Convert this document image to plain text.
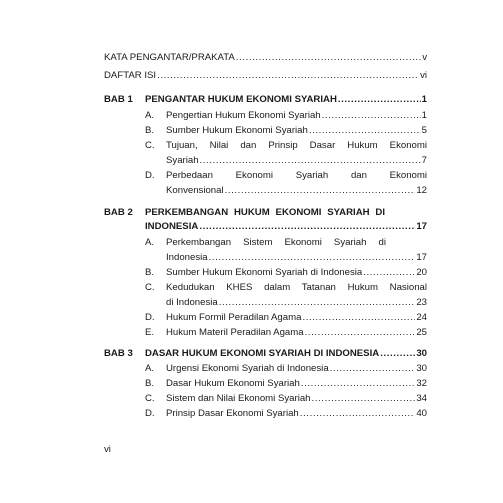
KATA PENGANTAR/PRAKATA .....	v
DAFTAR ISI .....	vi
BAB 1 PENGANTAR HUKUM EKONOMI SYARIAH .....	1
A.	Pengertian Hukum Ekonomi Syariah .....	1
B.	Sumber Hukum Ekonomi Syariah .....	5
C.	Tujuan, Nilai dan Prinsip Dasar Hukum Ekonomi
Syariah .....	7
D.	Perbedaan Ekonomi Syariah dan Ekonomi
Konvensional .....	12
BAB 2 PERKEMBANGAN HUKUM EKONOMI SYARIAH DI
INDONESIA .....	17
A.	Perkembangan Sistem Ekonomi Syariah di
Indonesia .....	17
B.	Sumber Hukum Ekonomi Syariah di Indonesia .....	20
C.	Kedudukan KHES dalam Tatanan Hukum Nasional
di Indonesia .....	23
D.	Hukum Formil Peradilan Agama .....	24
E.	Hukum Materil Peradilan Agama .....	25
BAB 3 DASAR HUKUM EKONOMI SYARIAH DI INDONESIA .....	30
A.	Urgensi Ekonomi Syariah di Indonesia .....	30
B.	Dasar Hukum Ekonomi Syariah .....	32
C.	Sistem dan Nilai Ekonomi Syariah .....	34
D.	Prinsip Dasar Ekonomi Syariah .....	40
vi
